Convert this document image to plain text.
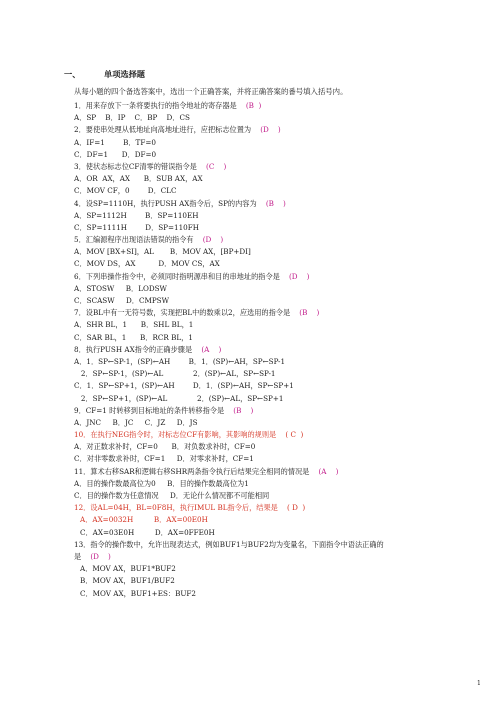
一、	单项选择题
从每小题的四个备选答案中，选出一个正确答案，并将正确答案的番号填入括号内。
1．用来存放下一条将要执行的指令地址的寄存器是 (B  )
A．SP    B．IP    C．BP    D．CS
2．要使串处理从低地址向高地址进行，应把标志位置为 (D    )
A．IF=1        B．TF=0
C．DF=1      D．DF=0
3．使状态标志位CF清零的错误指令是 (C    )
A．OR  AX，AX      B．SUB AX，AX
C．MOV CF，0        D．CLC
4．设SP=1110H，执行PUSH AX指令后，SP的内容为 (B    )
A．SP=1112H        B．SP=110EH
C．SP=1111H        D．SP=110FH
5．汇编源程序出现语法错误的指令有 (D    )
A．MOV [BX+SI]，AL       B．MOV AX，[BP+DI]
C．MOV DS，AX          D．MOV CS，AX
6．下列串操作指令中，必须同时指明源串和目的串地址的指令是 (D    )
A．STOSW     B．LODSW
C．SCASW     D．CMPSW
7．设BL中有一无符号数，实现把BL中的数乘以2，应选用的指令是 (B    )
A．SHR BL，1      B．SHL BL，1
C．SAR BL，1      B．RCR BL，1
8．执行PUSH AX指令的正确步骤是 (A    )
A．1．SP←SP-1，(SP)←AH        B．1．(SP)←AH，SP←SP-1
2．SP←SP-1，(SP)←AL             2．(SP)←AL，SP←SP-1
C．1．SP←SP+1，(SP)←AH        D．1．(SP)←AH，SP←SP+1
2．SP←SP+1，(SP)←AL             2．(SP)←AL，SP←SP+1
9．CF=1 时转移到目标地址的条件转移指令是 (B    )
A．JNC     B．JC     C．JZ     D．JS
10．在执行NEG指令时，对标志位CF有影响，其影响的规则是 ( C  )
A．对正数求补时，CF=0      B．对负数求补时，CF=0
C．对非零数求补时，CF=1     D．对零求补时，CF=1
11．算术右移SAR和逻辑右移SHR两条指令执行后结果完全相同的情况是 (A    )
A．目的操作数最高位为0     B．目的操作数最高位为1
C．目的操作数为任意情况     D．无论什么情况都不可能相同
12．设AL=04H，BL=0F8H，执行IMUL BL指令后，结果是 ( D  )
A．AX=0032H         B．AX=00E0H
C．AX=03E0H         D．AX=0FFE0H
13．指令的操作数中，允许出现表达式，例如BUF1与BUF2均为变量名，下面指令中语法正确的
是 (D    )
A．MOV AX，BUF1*BUF2
B．MOV AX，BUF1/BUF2
C．MOV AX，BUF1+ES：BUF2
1
